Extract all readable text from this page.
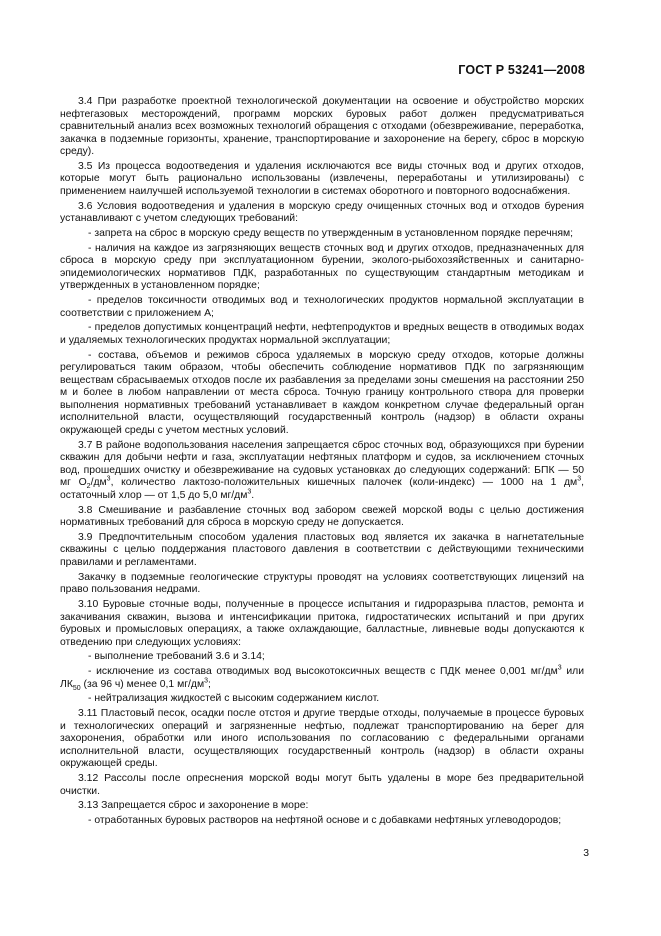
ГОСТ Р 53241—2008

3.4 При разработке проектной технологической документации на освоение и обустройство морских нефтегазовых месторождений, программ морских буровых работ должен предусматриваться сравнительный анализ всех возможных технологий обращения с отходами (обезвреживание, переработка, закачка в подземные горизонты, хранение, транспортирование и захоронение на берегу, сброс в морскую среду).

3.5 Из процесса водоотведения и удаления исключаются все виды сточных вод и других отходов, которые могут быть рационально использованы (извлечены, переработаны и утилизированы) с применением наилучшей используемой технологии в системах оборотного и повторного водоснабжения.

3.6 Условия водоотведения и удаления в морскую среду очищенных сточных вод и отходов бурения устанавливают с учетом следующих требований:

- запрета на сброс в морскую среду веществ по утвержденным в установленном порядке перечням;

- наличия на каждое из загрязняющих веществ сточных вод и других отходов, предназначенных для сброса в морскую среду при эксплуатационном бурении, эколого-рыбохозяйственных и санитарно-эпидемиологических нормативов ПДК, разработанных по существующим стандартным методикам и утвержденных в установленном порядке;

- пределов токсичности отводимых вод и технологических продуктов нормальной эксплуатации в соответствии с приложением А;

- пределов допустимых концентраций нефти, нефтепродуктов и вредных веществ в отводимых водах и удаляемых технологических продуктах нормальной эксплуатации;

- состава, объемов и режимов сброса удаляемых в морскую среду отходов, которые должны регулироваться таким образом, чтобы обеспечить соблюдение нормативов ПДК по загрязняющим веществам сбрасываемых отходов после их разбавления за пределами зоны смешения на расстоянии 250 м и более в любом направлении от места сброса. Точную границу контрольного створа для проверки выполнения нормативных требований устанавливает в каждом конкретном случае федеральный орган исполнительной власти, осуществляющий государственный контроль (надзор) в области охраны окружающей среды с учетом местных условий.

3.7 В районе водопользования населения запрещается сброс сточных вод, образующихся при бурении скважин для добычи нефти и газа, эксплуатации нефтяных платформ и судов, за исключением сточных вод, прошедших очистку и обезвреживание на судовых установках до следующих содержаний: БПК — 50 мг $O_2/дм^3$, количество лактозо-положительных кишечных палочек (коли-индекс) — 1000 на 1 $дм^3$, остаточный хлор — от 1,5 до 5,0 $мг/дм^3$.

3.8 Смешивание и разбавление сточных вод забором свежей морской воды с целью достижения нормативных требований для сброса в морскую среду не допускается.

3.9 Предпочтительным способом удаления пластовых вод является их закачка в нагнетательные скважины с целью поддержания пластового давления в соответствии с действующими техническими правилами и регламентами.

Закачку в подземные геологические структуры проводят на условиях соответствующих лицензий на право пользования недрами.

3.10 Буровые сточные воды, полученные в процессе испытания и гидроразрыва пластов, ремонта и закачивания скважин, вызова и интенсификации притока, гидростатических испытаний и при других буровых и промысловых операциях, а также охлаждающие, балластные, ливневые воды допускаются к отведению при следующих условиях:

- выполнение требований 3.6 и 3.14;

- исключение из состава отводимых вод высокотоксичных веществ с ПДК менее 0,001 $мг/дм^3$ или $ЛК_{50}$ (за 96 ч) менее 0,1 $мг/дм^3$;

- нейтрализация жидкостей с высоким содержанием кислот.

3.11 Пластовый песок, осадки после отстоя и другие твердые отходы, получаемые в процессе буровых и технологических операций и загрязненные нефтью, подлежат транспортированию на берег для захоронения, обработки или иного использования по согласованию с федеральными органами исполнительной власти, осуществляющих государственный контроль (надзор) в области охраны окружающей среды.

3.12 Рассолы после опреснения морской воды могут быть удалены в море без предварительной очистки.

3.13 Запрещается сброс и захоронение в море:

- отработанных буровых растворов на нефтяной основе и с добавками нефтяных углеводородов;

3
